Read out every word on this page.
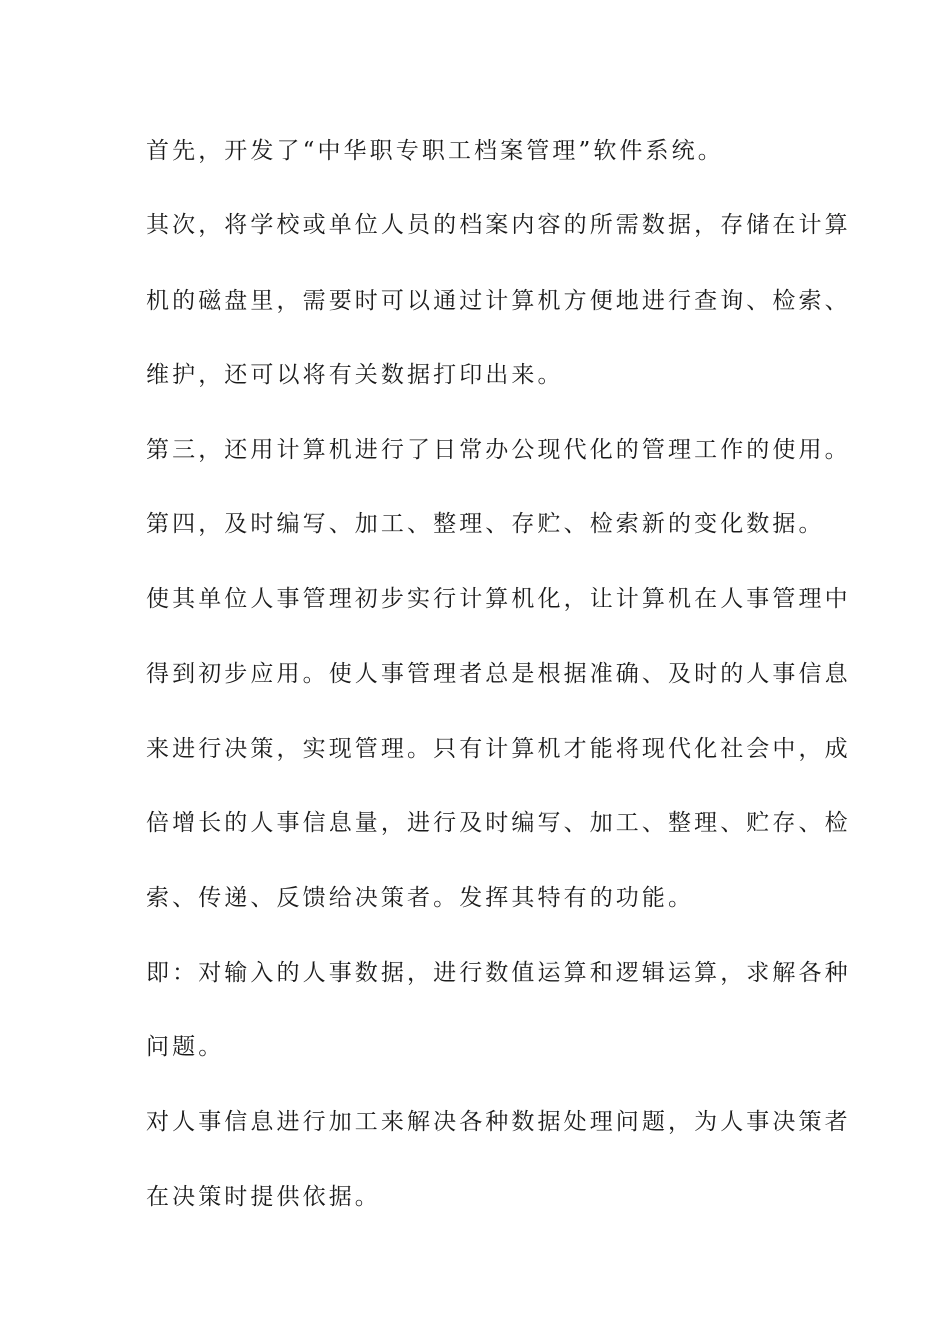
首先，开发了“中华职专职工档案管理”软件系统。

其次，将学校或单位人员的档案内容的所需数据，存储在计算

机的磁盘里，需要时可以通过计算机方便地进行查询、检索、

维护，还可以将有关数据打印出来。

第三，还用计算机进行了日常办公现代化的管理工作的使用。

第四，及时编写、加工、整理、存贮、检索新的变化数据。

使其单位人事管理初步实行计算机化，让计算机在人事管理中

得到初步应用。使人事管理者总是根据准确、及时的人事信息

来进行决策，实现管理。只有计算机才能将现代化社会中，成

倍增长的人事信息量，进行及时编写、加工、整理、贮存、检

索、传递、反馈给决策者。发挥其特有的功能。

即：对输入的人事数据，进行数值运算和逻辑运算，求解各种

问题。

对人事信息进行加工来解决各种数据处理问题，为人事决策者

在决策时提供依据。
